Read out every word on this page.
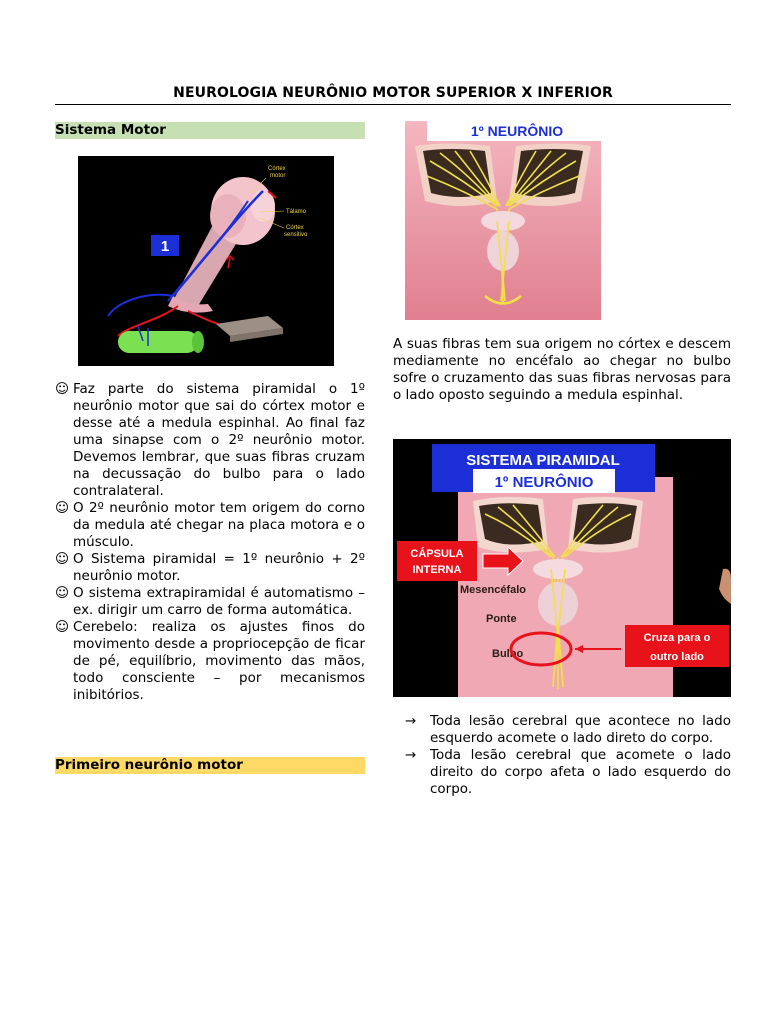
NEUROLOGIA NEURÔNIO MOTOR SUPERIOR X INFERIOR
Sistema Motor
Córtex
motor
Tálamo
Córtex
sensitivo
1
☺ Faz parte do sistema piramidal o 1º neurônio motor que sai do córtex motor e desse até a medula espinhal. Ao final faz uma sinapse com o 2º neurônio motor. Devemos lembrar, que suas fibras cruzam na decussação do bulbo para o lado contralateral.
☺ O 2º neurônio motor tem origem do corno da medula até chegar na placa motora e o músculo.
☺ O Sistema piramidal = 1º neurônio + 2º neurônio motor.
☺ O sistema extrapiramidal é automatismo – ex. dirigir um carro de forma automática.
☺ Cerebelo: realiza os ajustes finos do movimento desde a propriocepção de ficar de pé, equilíbrio, movimento das mãos, todo consciente – por mecanismos inibitórios.
Primeiro neurônio motor
1º NEURÔNIO

A suas fibras tem sua origem no córtex e descem mediamente no encéfalo ao chegar no bulbo sofre o cruzamento das suas fibras nervosas para o lado oposto seguindo a medula espinhal.

SISTEMA PIRAMIDAL
1º NEURÔNIO
CÁPSULA
INTERNA
Mesencéfalo
Ponte
Bulbo
Cruza para o
outro lado
→ Toda lesão cerebral que acontece no lado esquerdo acomete o lado direto do corpo.
→ Toda lesão cerebral que acomete o lado direito do corpo afeta o lado esquerdo do corpo.
